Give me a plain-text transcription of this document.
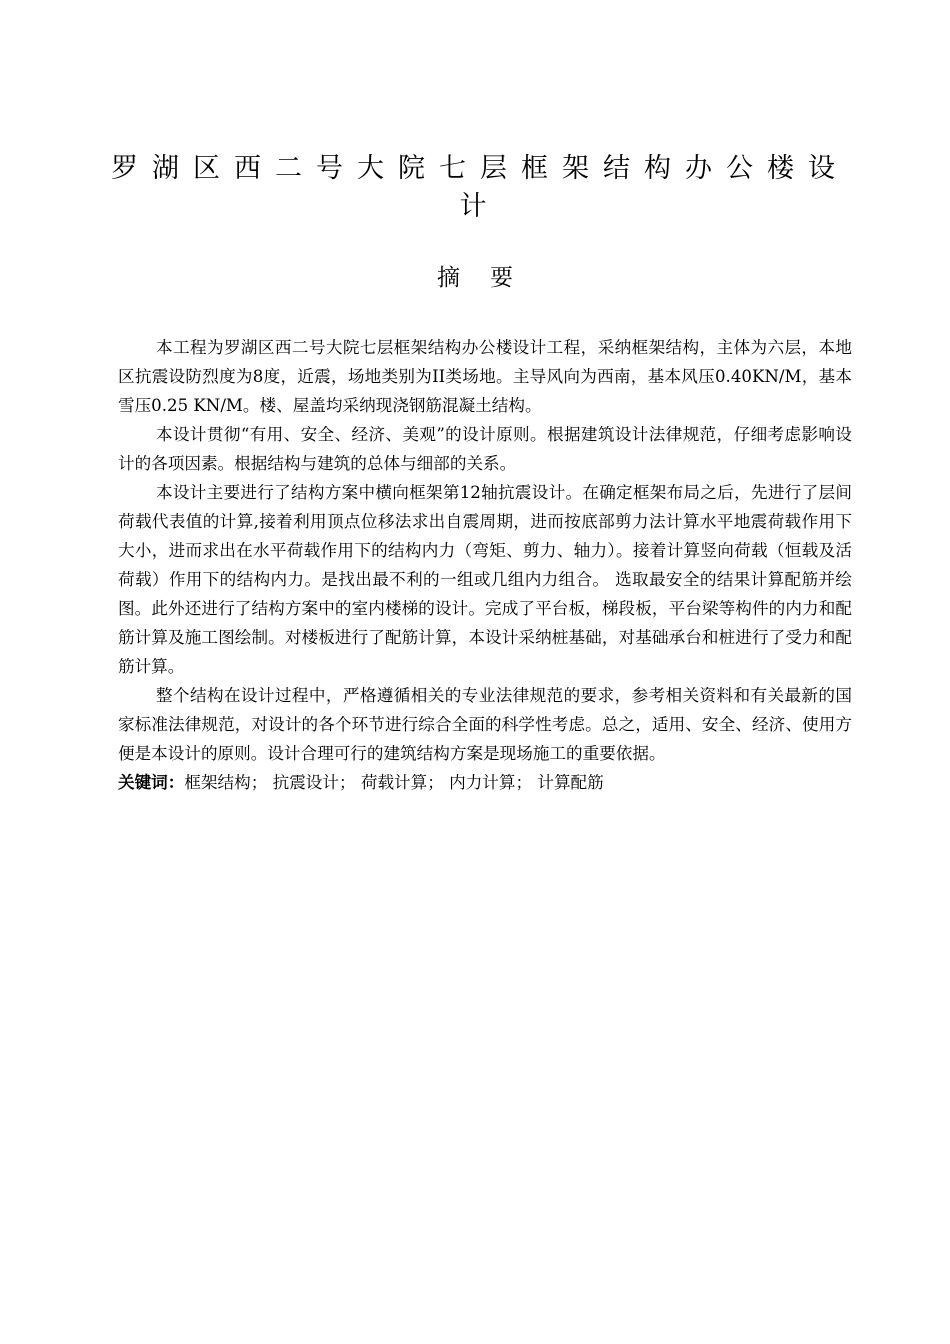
罗湖区西二号大院七层框架结构办公楼设计
摘要

本工程为罗湖区西二号大院七层框架结构办公楼设计工程，采纳框架结构，主体为六层，本地区抗震设防烈度为8度，近震，场地类别为II类场地。主导风向为西南，基本风压0.40KN/M，基本雪压0.25 KN/M。楼、屋盖均采纳现浇钢筋混凝土结构。

本设计贯彻“有用、安全、经济、美观”的设计原则。根据建筑设计法律规范，仔细考虑影响设计的各项因素。根据结构与建筑的总体与细部的关系。

本设计主要进行了结构方案中横向框架第12轴抗震设计。在确定框架布局之后，先进行了层间荷载代表值的计算,接着利用顶点位移法求出自震周期，进而按底部剪力法计算水平地震荷载作用下大小，进而求出在水平荷载作用下的结构内力（弯矩、剪力、轴力）。接着计算竖向荷载（恒载及活荷载）作用下的结构内力。是找出最不利的一组或几组内力组合。 选取最安全的结果计算配筋并绘图。此外还进行了结构方案中的室内楼梯的设计。完成了平台板，梯段板，平台梁等构件的内力和配筋计算及施工图绘制。对楼板进行了配筋计算，本设计采纳桩基础，对基础承台和桩进行了受力和配筋计算。

整个结构在设计过程中，严格遵循相关的专业法律规范的要求，参考相关资料和有关最新的国家标准法律规范，对设计的各个环节进行综合全面的科学性考虑。总之，适用、安全、经济、使用方便是本设计的原则。设计合理可行的建筑结构方案是现场施工的重要依据。

关键词：框架结构； 抗震设计； 荷载计算； 内力计算； 计算配筋
